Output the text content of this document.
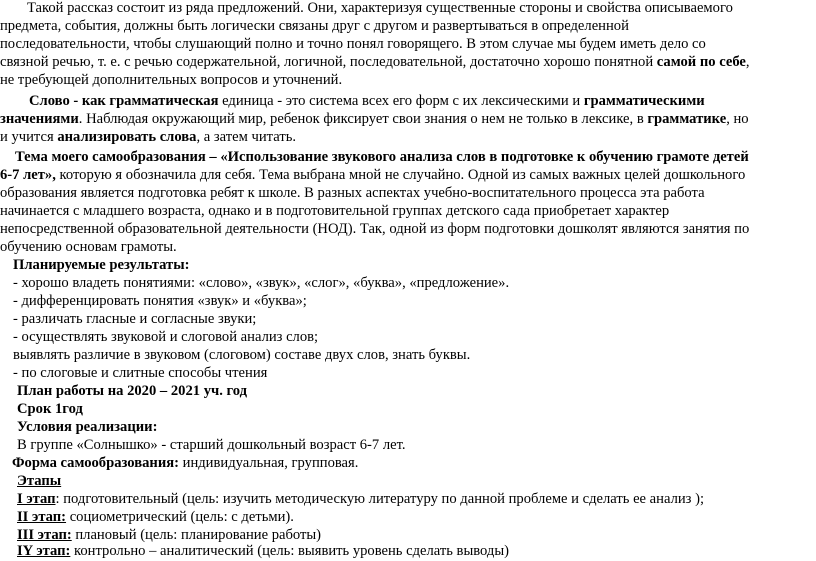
Такой рассказ состоит из ряда предложений. Они, характеризуя существенные стороны и свойства описываемого
предмета, события, должны быть логически связаны друг с другом и развертываться в определенной
последовательности, чтобы слушающий полно и точно понял говорящего. В этом случае мы будем иметь дело со
связной речью, т. е. с речью содержательной, логичной, последовательной, достаточно хорошо понятной самой по себе,
не требующей дополнительных вопросов и уточнений.
Слово - как грамматическая единица - это система всех его форм с их лексическими и грамматическими
значениями. Наблюдая окружающий мир, ребенок фиксирует свои знания о нем не только в лексике, в грамматике, но
и учится анализировать слова, а затем читать.
Тема моего самообразования – «Использование звукового анализа слов в подготовке к обучению грамоте детей
6-7 лет», которую я обозначила для себя. Тема выбрана мной не случайно. Одной из самых важных целей дошкольного
образования является подготовка ребят к школе. В разных аспектах учебно-воспитательного процесса эта работа
начинается с младшего возраста, однако и в подготовительной группах детского сада приобретает характер
непосредственной образовательной деятельности (НОД). Так, одной из форм подготовки дошколят являются занятия по
обучению основам грамоты.
Планируемые результаты:
- хорошо владеть понятиями: «слово», «звук», «слог», «буква», «предложение».
- дифференцировать понятия «звук» и «буква»;
- различать гласные и согласные звуки;
- осуществлять звуковой и слоговой анализ слов;
выявлять различие в звуковом (слоговом) составе двух слов, знать буквы.
- по слоговые и слитные способы чтения
План работы на 2020 – 2021 уч. год
Срок 1год
Условия реализации:
В группе «Солнышко» - старший дошкольный возраст 6-7 лет.
Форма самообразования: индивидуальная, групповая.
Этапы
I этап: подготовительный (цель: изучить методическую литературу по данной проблеме и сделать ее анализ );
II этап: социометрический (цель: с детьми).
III этап: плановый (цель: планирование работы)
IY этап: контрольно – аналитический (цель: выявить уровень сделать выводы)
